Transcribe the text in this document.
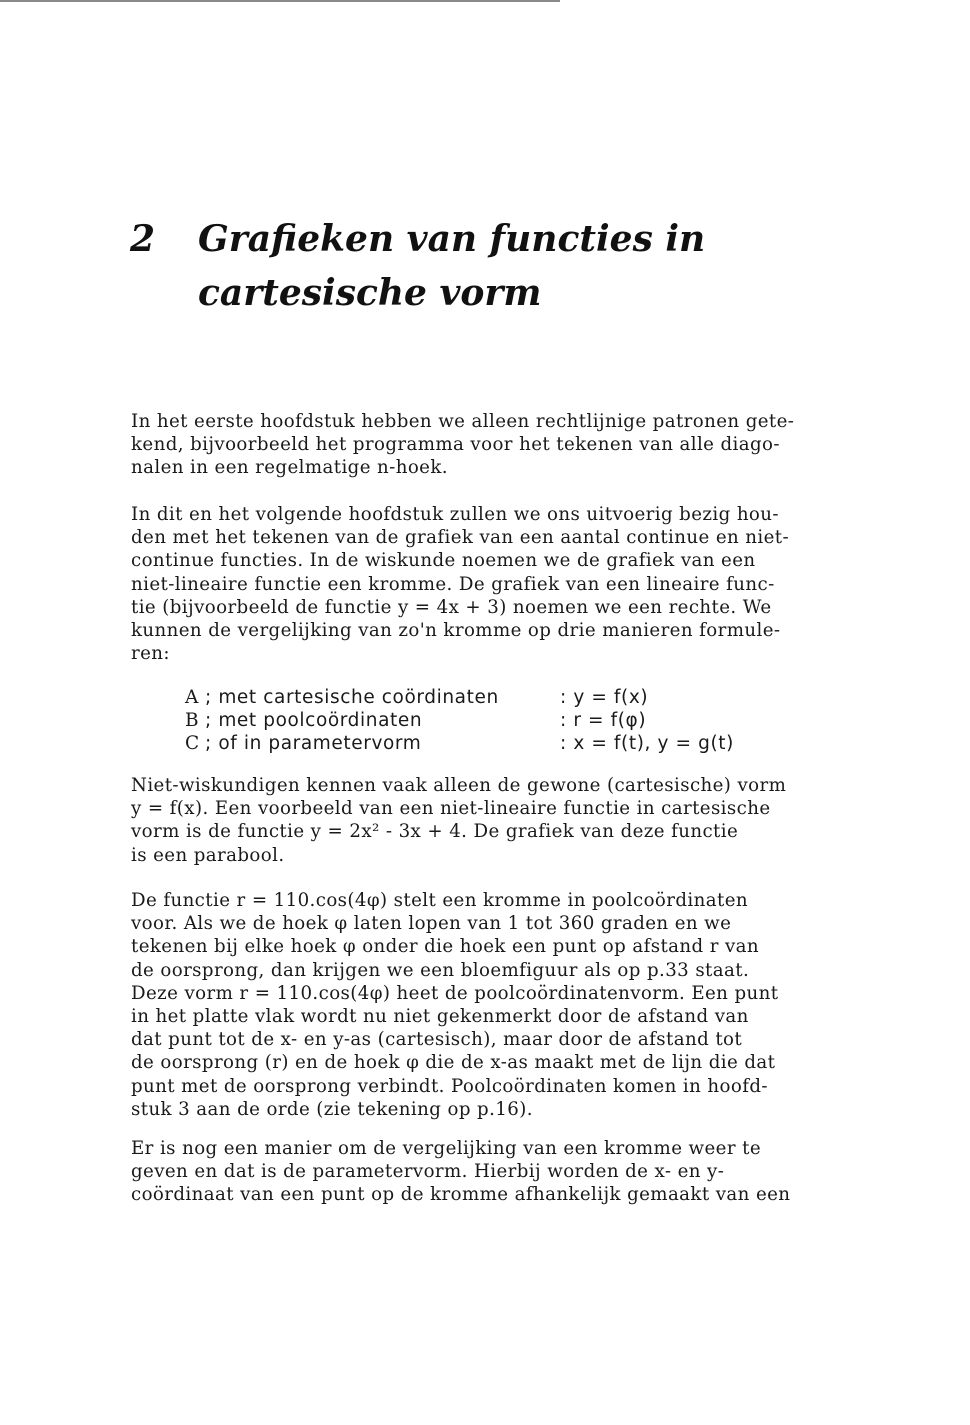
2 Grafieken van functies in
cartesische vorm
In het eerste hoofdstuk hebben we alleen rechtlijnige patronen gete-
kend, bijvoorbeeld het programma voor het tekenen van alle diago-
nalen in een regelmatige n-hoek.
In dit en het volgende hoofdstuk zullen we ons uitvoerig bezig hou-
den met het tekenen van de grafiek van een aantal continue en niet-
continue functies. In de wiskunde noemen we de grafiek van een
niet-lineaire functie een kromme. De grafiek van een lineaire func-
tie (bijvoorbeeld de functie y = 4x + 3) noemen we een rechte. We
kunnen de vergelijking van zo'n kromme op drie manieren formule-
ren:
A ; met cartesische coördinaten	: y = f(x)
B ; met poolcoördinaten	: r = f(φ)
C ; of in parametervorm	: x = f(t), y = g(t)
Niet-wiskundigen kennen vaak alleen de gewone (cartesische) vorm
y = f(x). Een voorbeeld van een niet-lineaire functie in cartesische
vorm is de functie y = 2x² - 3x + 4. De grafiek van deze functie
is een parabool.
De functie r = 110.cos(4φ) stelt een kromme in poolcoördinaten
voor. Als we de hoek φ laten lopen van 1 tot 360 graden en we
tekenen bij elke hoek φ onder die hoek een punt op afstand r van
de oorsprong, dan krijgen we een bloemfiguur als op p.33 staat.
Deze vorm r = 110.cos(4φ) heet de poolcoördinatenvorm. Een punt
in het platte vlak wordt nu niet gekenmerkt door de afstand van
dat punt tot de x- en y-as (cartesisch), maar door de afstand tot
de oorsprong (r) en de hoek φ die de x-as maakt met de lijn die dat
punt met de oorsprong verbindt. Poolcoördinaten komen in hoofd-
stuk 3 aan de orde (zie tekening op p.16).
Er is nog een manier om de vergelijking van een kromme weer te
geven en dat is de parametervorm. Hierbij worden de x- en y-
coördinaat van een punt op de kromme afhankelijk gemaakt van een
